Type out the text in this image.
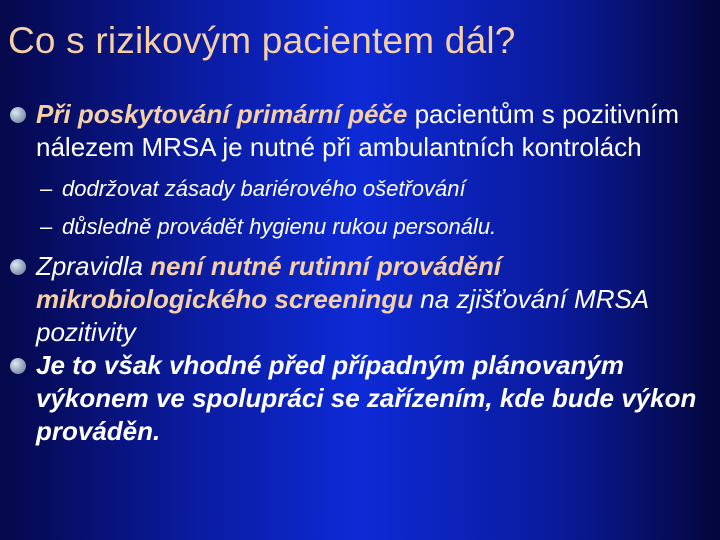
Co s rizikovým pacientem dál?
Při poskytování primární péče pacientům s pozitivním nálezem MRSA je nutné při ambulantních kontrolách
– dodržovat zásady bariérového ošetřování
– důsledně provádět hygienu rukou personálu.
Zpravidla není nutné rutinní provádění mikrobiologického screeningu na zjišťování MRSA pozitivity
Je to však vhodné před případným plánovaným výkonem ve spolupráci se zařízením, kde bude výkon prováděn.
